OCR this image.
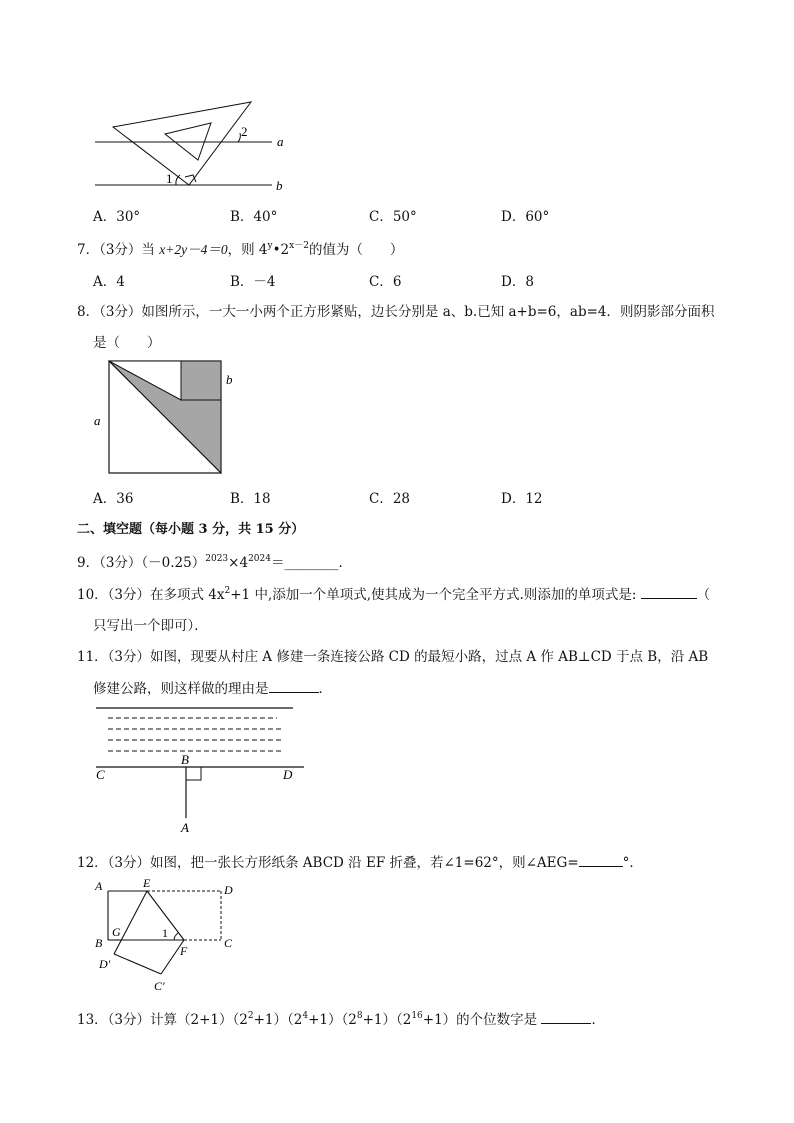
2
1
a
b
A．30°	B．40°	C．50°	D．60°
7．（3分）当 x+2y－4＝0，则 $4^y•2^{x-2}$的值为（　　）
A．4	B．－4	C．6	D．8
8．（3分）如图所示，一大一小两个正方形紧贴，边长分别是 a、b.已知 a+b=6，ab=4．则阴影部分面积
是（　　）
a
b
A．36	B．18	C．28	D．12
二、填空题（每小题 3 分，共 15 分）
9．（3分）$(-0.25)^{2023}\times 4^{2024}=\_\_\_\_\_\_\_\_$．
10．（3分）在多项式 $4x^2+1$ 中,添加一个单项式,使其成为一个完全平方式.则添加的单项式是:	（
只写出一个即可）．
11．（3分）如图，现要从村庄 A 修建一条连接公路 CD 的最短小路，过点 A 作 AB⊥CD 于点 B，沿 AB
修建公路，则这样做的理由是	．
C
B
D
A
12．（3分）如图，把一张长方形纸条 ABCD 沿 EF 折叠，若∠1=62°，则∠AEG=	°．
A	E	D
B
G	1
C
F
D′
C′
13．（3分）计算$(2+1)(2^2+1)(2^4+1)(2^8+1)(2^{16}+1)$的个位数字是	．
